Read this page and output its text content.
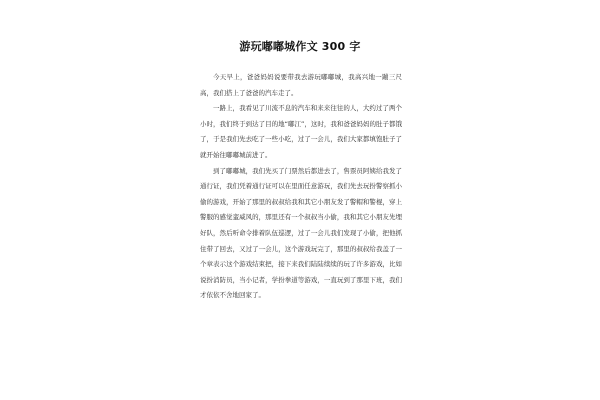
游玩嘟嘟城作文 300 字

今天早上，爸爸妈妈说要带我去游玩嘟嘟城，我高兴地一蹦三尺高，我们搭上了爸爸的汽车走了。

一路上，我看见了川流不息的汽车和来来往往的人，大约过了两个小时，我们终于到达了目的地“嘟江”，这时，我和爸爸妈妈的肚子都饿了，于是我们先去吃了一些小吃，过了一会儿，我们大家都填饱肚子了就开始往嘟嘟城前进了。

到了嘟嘟城，我们先买了门票然后都进去了，售票员阿姨给我发了通行证，我们凭着通行证可以在里面任意游玩，我们先去玩扮警察抓小偷的游戏，开始了那里的叔叔给我和其它小朋友发了警帽和警棍，穿上警服的感觉蛮威风的，那里还有一个叔叔当小偷，我和其它小朋友先埋好队，然后听命令排着队伍巡逻，过了一会儿我们发现了小偷，把他抓住带了回去，又过了一会儿，这个游戏玩完了，那里的叔叔给我盖了一个章表示这个游戏结束把，接下来我们陆陆续续的玩了许多游戏，比如说扮消防员，当小记者，学扮拳道等游戏，一直玩到了那里下班，我们才依依不舍地回家了。
